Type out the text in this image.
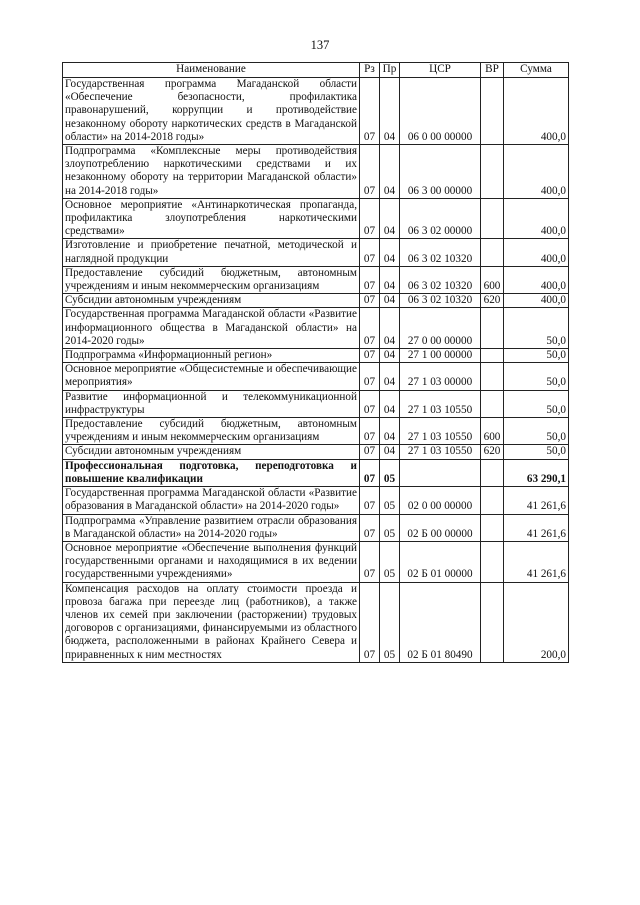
137
Наименование	Рз	Пр	ЦСР	ВР	Сумма
Государственная программа Магаданской области «Обеспечение безопасности, профилактика правонарушений, коррупции и противодействие незаконному обороту наркотических средств в Магаданской области» на 2014-2018 годы»	07	04	06 0 00 00000		400,0
Подпрограмма «Комплексные меры противодействия злоупотреблению наркотическими средствами и их незаконному обороту на территории Магаданской области» на 2014-2018 годы»	07	04	06 3 00 00000		400,0
Основное мероприятие «Антинаркотическая пропаганда, профилактика злоупотребления наркотическими средствами»	07	04	06 3 02 00000		400,0
Изготовление и приобретение печатной, методической и наглядной продукции	07	04	06 3 02 10320		400,0
Предоставление субсидий бюджетным, автономным учреждениям и иным некоммерческим организациям	07	04	06 3 02 10320	600	400,0
Субсидии автономным учреждениям	07	04	06 3 02 10320	620	400,0
Государственная программа Магаданской области «Развитие информационного общества в Магаданской области» на 2014-2020 годы»	07	04	27 0 00 00000		50,0
Подпрограмма «Информационный регион»	07	04	27 1 00 00000		50,0
Основное мероприятие «Общесистемные и обеспечивающие мероприятия»	07	04	27 1 03 00000		50,0
Развитие информационной и телекоммуникационной инфраструктуры	07	04	27 1 03 10550		50,0
Предоставление субсидий бюджетным, автономным учреждениям и иным некоммерческим организациям	07	04	27 1 03 10550	600	50,0
Субсидии автономным учреждениям	07	04	27 1 03 10550	620	50,0
Профессиональная подготовка, переподготовка и повышение квалификации	07	05			63 290,1
Государственная программа Магаданской области «Развитие образования в Магаданской области» на 2014-2020 годы»	07	05	02 0 00 00000		41 261,6
Подпрограмма «Управление развитием отрасли образования в Магаданской области» на 2014-2020 годы»	07	05	02 Б 00 00000		41 261,6
Основное мероприятие «Обеспечение выполнения функций государственными органами и находящимися в их ведении государственными учреждениями»	07	05	02 Б 01 00000		41 261,6
Компенсация расходов на оплату стоимости проезда и провоза багажа при переезде лиц (работников), а также членов их семей при заключении (расторжении) трудовых договоров с организациями, финансируемыми из областного бюджета, расположенными в районах Крайнего Севера и приравненных к ним местностях	07	05	02 Б 01 80490		200,0
